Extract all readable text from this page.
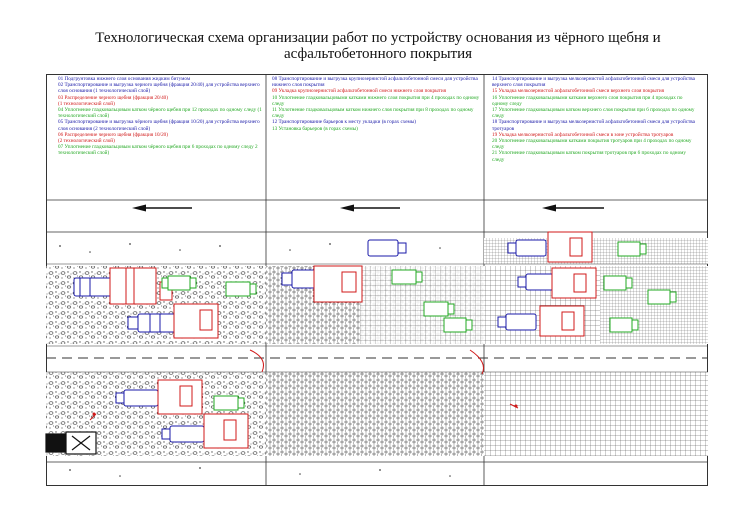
Технологическая схема организации работ по устройству основания из чёрного щебня и
асфальтобетонного покрытия
01 Подгрунтовка нижнего слоя основания жидким битумом
02 Транспортирование и выгрузка черного щебня (фракция 20/40) для устройства верхнего слоя основания (1 технологический слой)
03 Распределение черного щебня (фракция 20/40)
(1 технологический слой)
04 Уплотнение гладковальцовым катком чёрного щебня при 12 проходах по одному следу (1 технологический слой)
05 Транспортирование и выгрузка чёрного щебня (фракция 10/20) для устройства верхнего слоя основания (2 технологический слой)
06 Распределение черного щебня (фракция 10/20)
(2 технологический слой)
07 Уплотнение гладковальцовым катком чёрного щебня при 6 проходах по одному следу 2 технологический слой)
08 Транспортирование и выгрузка крупнозернистой асфальтобетонной смеси для устройства нижнего слоя покрытия
09 Укладка крупнозернистой асфальтобетонной смеси нижнего слоя покрытия
10 Уплотнение гладковальцовыми катками нижнего слоя покрытия при 4 проходах по одному следу
11 Уплотнение гладковальцовым катком нижнего слоя покрытия при 8 проходах по одному следу
12 Транспортирование барьеров к месту укладки (в горах схемы)
13 Установка барьеров (в горах схемы)
14 Транспортирование и выгрузка мелкозернистой асфальтобетонной смеси для устройства верхнего слоя покрытия
15 Укладка мелкозернистой асфальтобетонной смеси верхнего слоя покрытия
16 Уплотнение гладковальцовыми катками верхнего слоя покрытия при 4 проходах по одному следу
17 Уплотнение гладковальцовым катком верхнего слоя покрытия при 6 проходах по одному следу
18 Транспортирование и выгрузка мелкозернистой асфальтобетонной смеси для устройства тротуаров
19 Укладка мелкозернистой асфальтобетонной смеси в зоне устройства тротуаров
20 Уплотнение гладковальцовыми катками покрытия тротуаров при 4 проходах по одному следу
21 Уплотнение гладковальцовым катком покрытия тротуаров при 6 проходах по одному следу
